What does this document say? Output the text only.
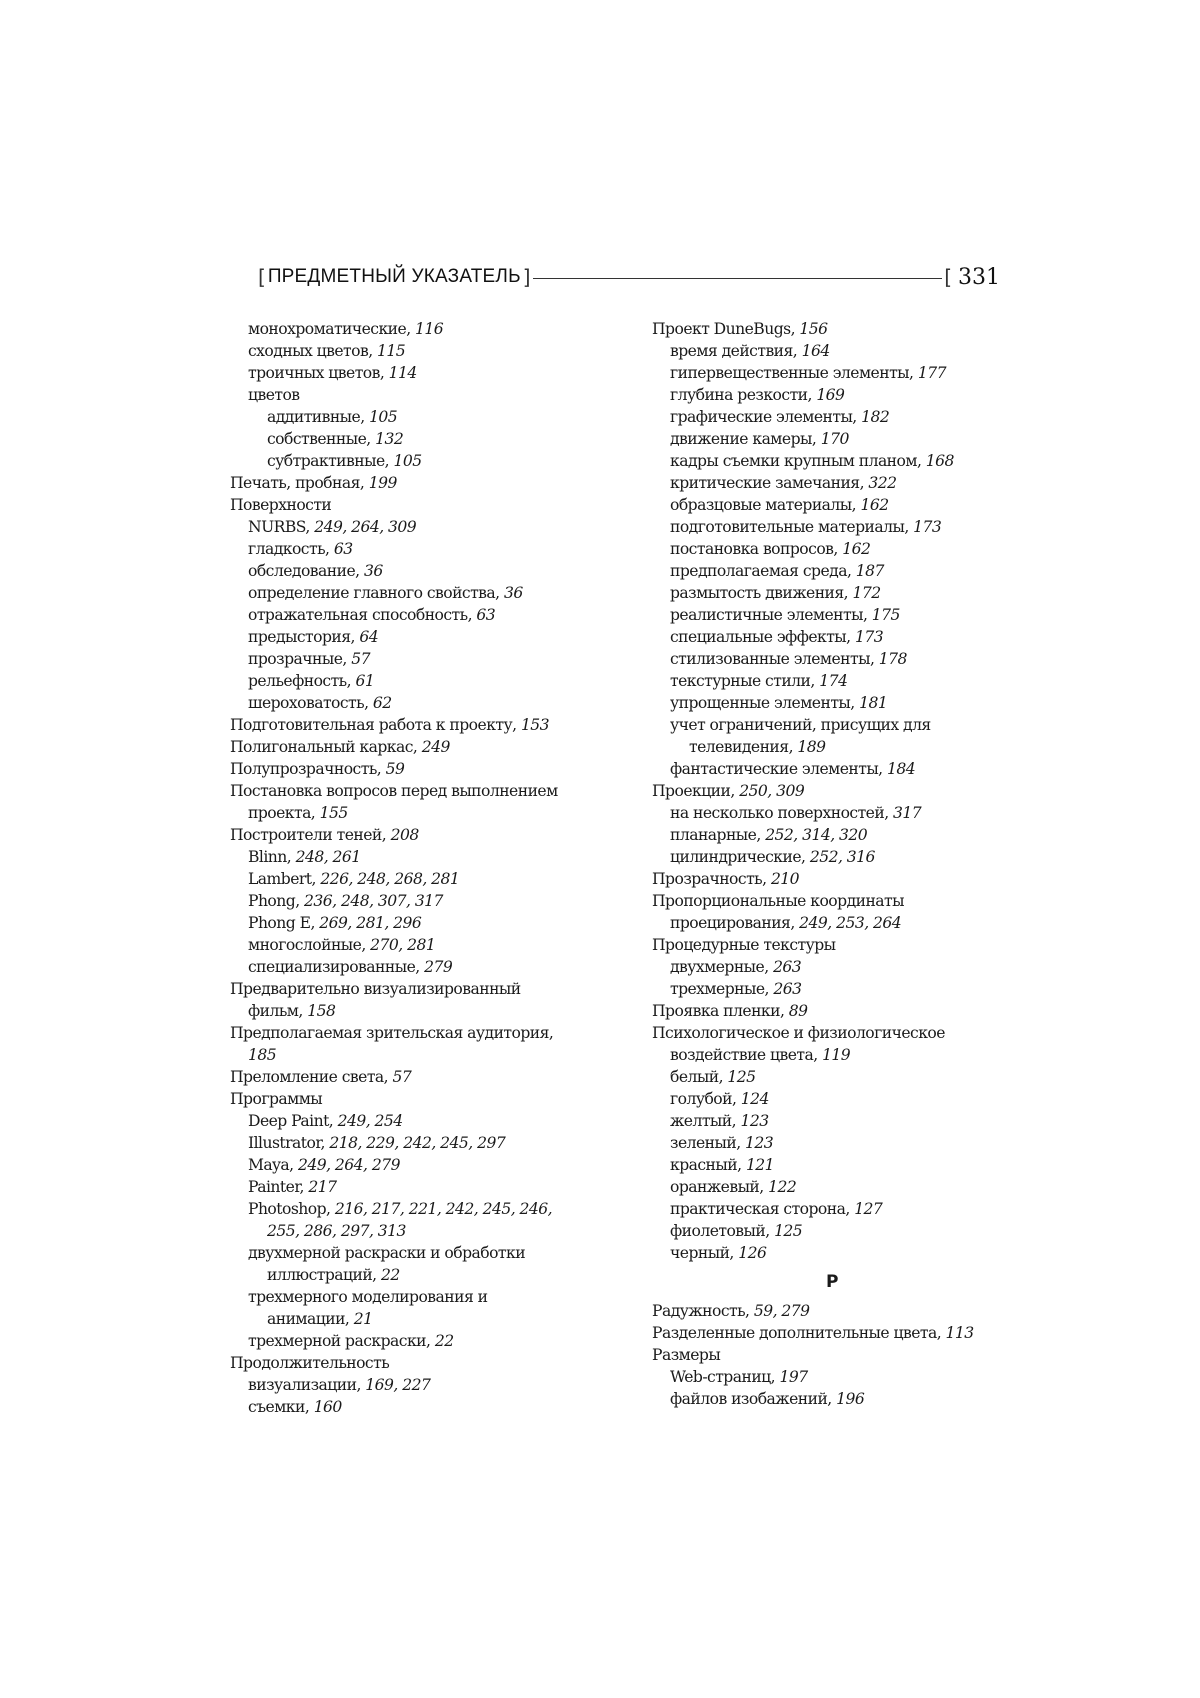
[ ПРЕДМЕТНЫЙ УКАЗАТЕЛЬ ]	[ 331
монохроматические, 116
сходных цветов, 115
троичных цветов, 114
цветов
аддитивные, 105
собственные, 132
субтрактивные, 105
Печать, пробная, 199
Поверхности
NURBS, 249, 264, 309
гладкость, 63
обследование, 36
определение главного свойства, 36
отражательная способность, 63
предыстория, 64
прозрачные, 57
рельефность, 61
шероховатость, 62
Подготовительная работа к проекту, 153
Полигональный каркас, 249
Полупрозрачность, 59
Постановка вопросов перед выполнением
проекта, 155
Построители теней, 208
Blinn, 248, 261
Lambert, 226, 248, 268, 281
Phong, 236, 248, 307, 317
Phong E, 269, 281, 296
многослойные, 270, 281
специализированные, 279
Предварительно визуализированный
фильм, 158
Предполагаемая зрительская аудитория,
185
Преломление света, 57
Программы
Deep Paint, 249, 254
Illustrator, 218, 229, 242, 245, 297
Maya, 249, 264, 279
Painter, 217
Photoshop, 216, 217, 221, 242, 245, 246,
255, 286, 297, 313
двухмерной раскраски и обработки
иллюстраций, 22
трехмерного моделирования и
анимации, 21
трехмерной раскраски, 22
Продолжительность
визуализации, 169, 227
съемки, 160
Проект DuneBugs, 156
время действия, 164
гипервещественные элементы, 177
глубина резкости, 169
графические элементы, 182
движение камеры, 170
кадры съемки крупным планом, 168
критические замечания, 322
образцовые материалы, 162
подготовительные материалы, 173
постановка вопросов, 162
предполагаемая среда, 187
размытость движения, 172
реалистичные элементы, 175
специальные эффекты, 173
стилизованные элементы, 178
текстурные стили, 174
упрощенные элементы, 181
учет ограничений, присущих для
телевидения, 189
фантастические элементы, 184
Проекции, 250, 309
на несколько поверхностей, 317
планарные, 252, 314, 320
цилиндрические, 252, 316
Прозрачность, 210
Пропорциональные координаты
проецирования, 249, 253, 264
Процедурные текстуры
двухмерные, 263
трехмерные, 263
Проявка пленки, 89
Психологическое и физиологическое
воздействие цвета, 119
белый, 125
голубой, 124
желтый, 123
зеленый, 123
красный, 121
оранжевый, 122
практическая сторона, 127
фиолетовый, 125
черный, 126
Р
Радужность, 59, 279
Разделенные дополнительные цвета, 113
Размеры
Web-страниц, 197
файлов изобажений, 196
